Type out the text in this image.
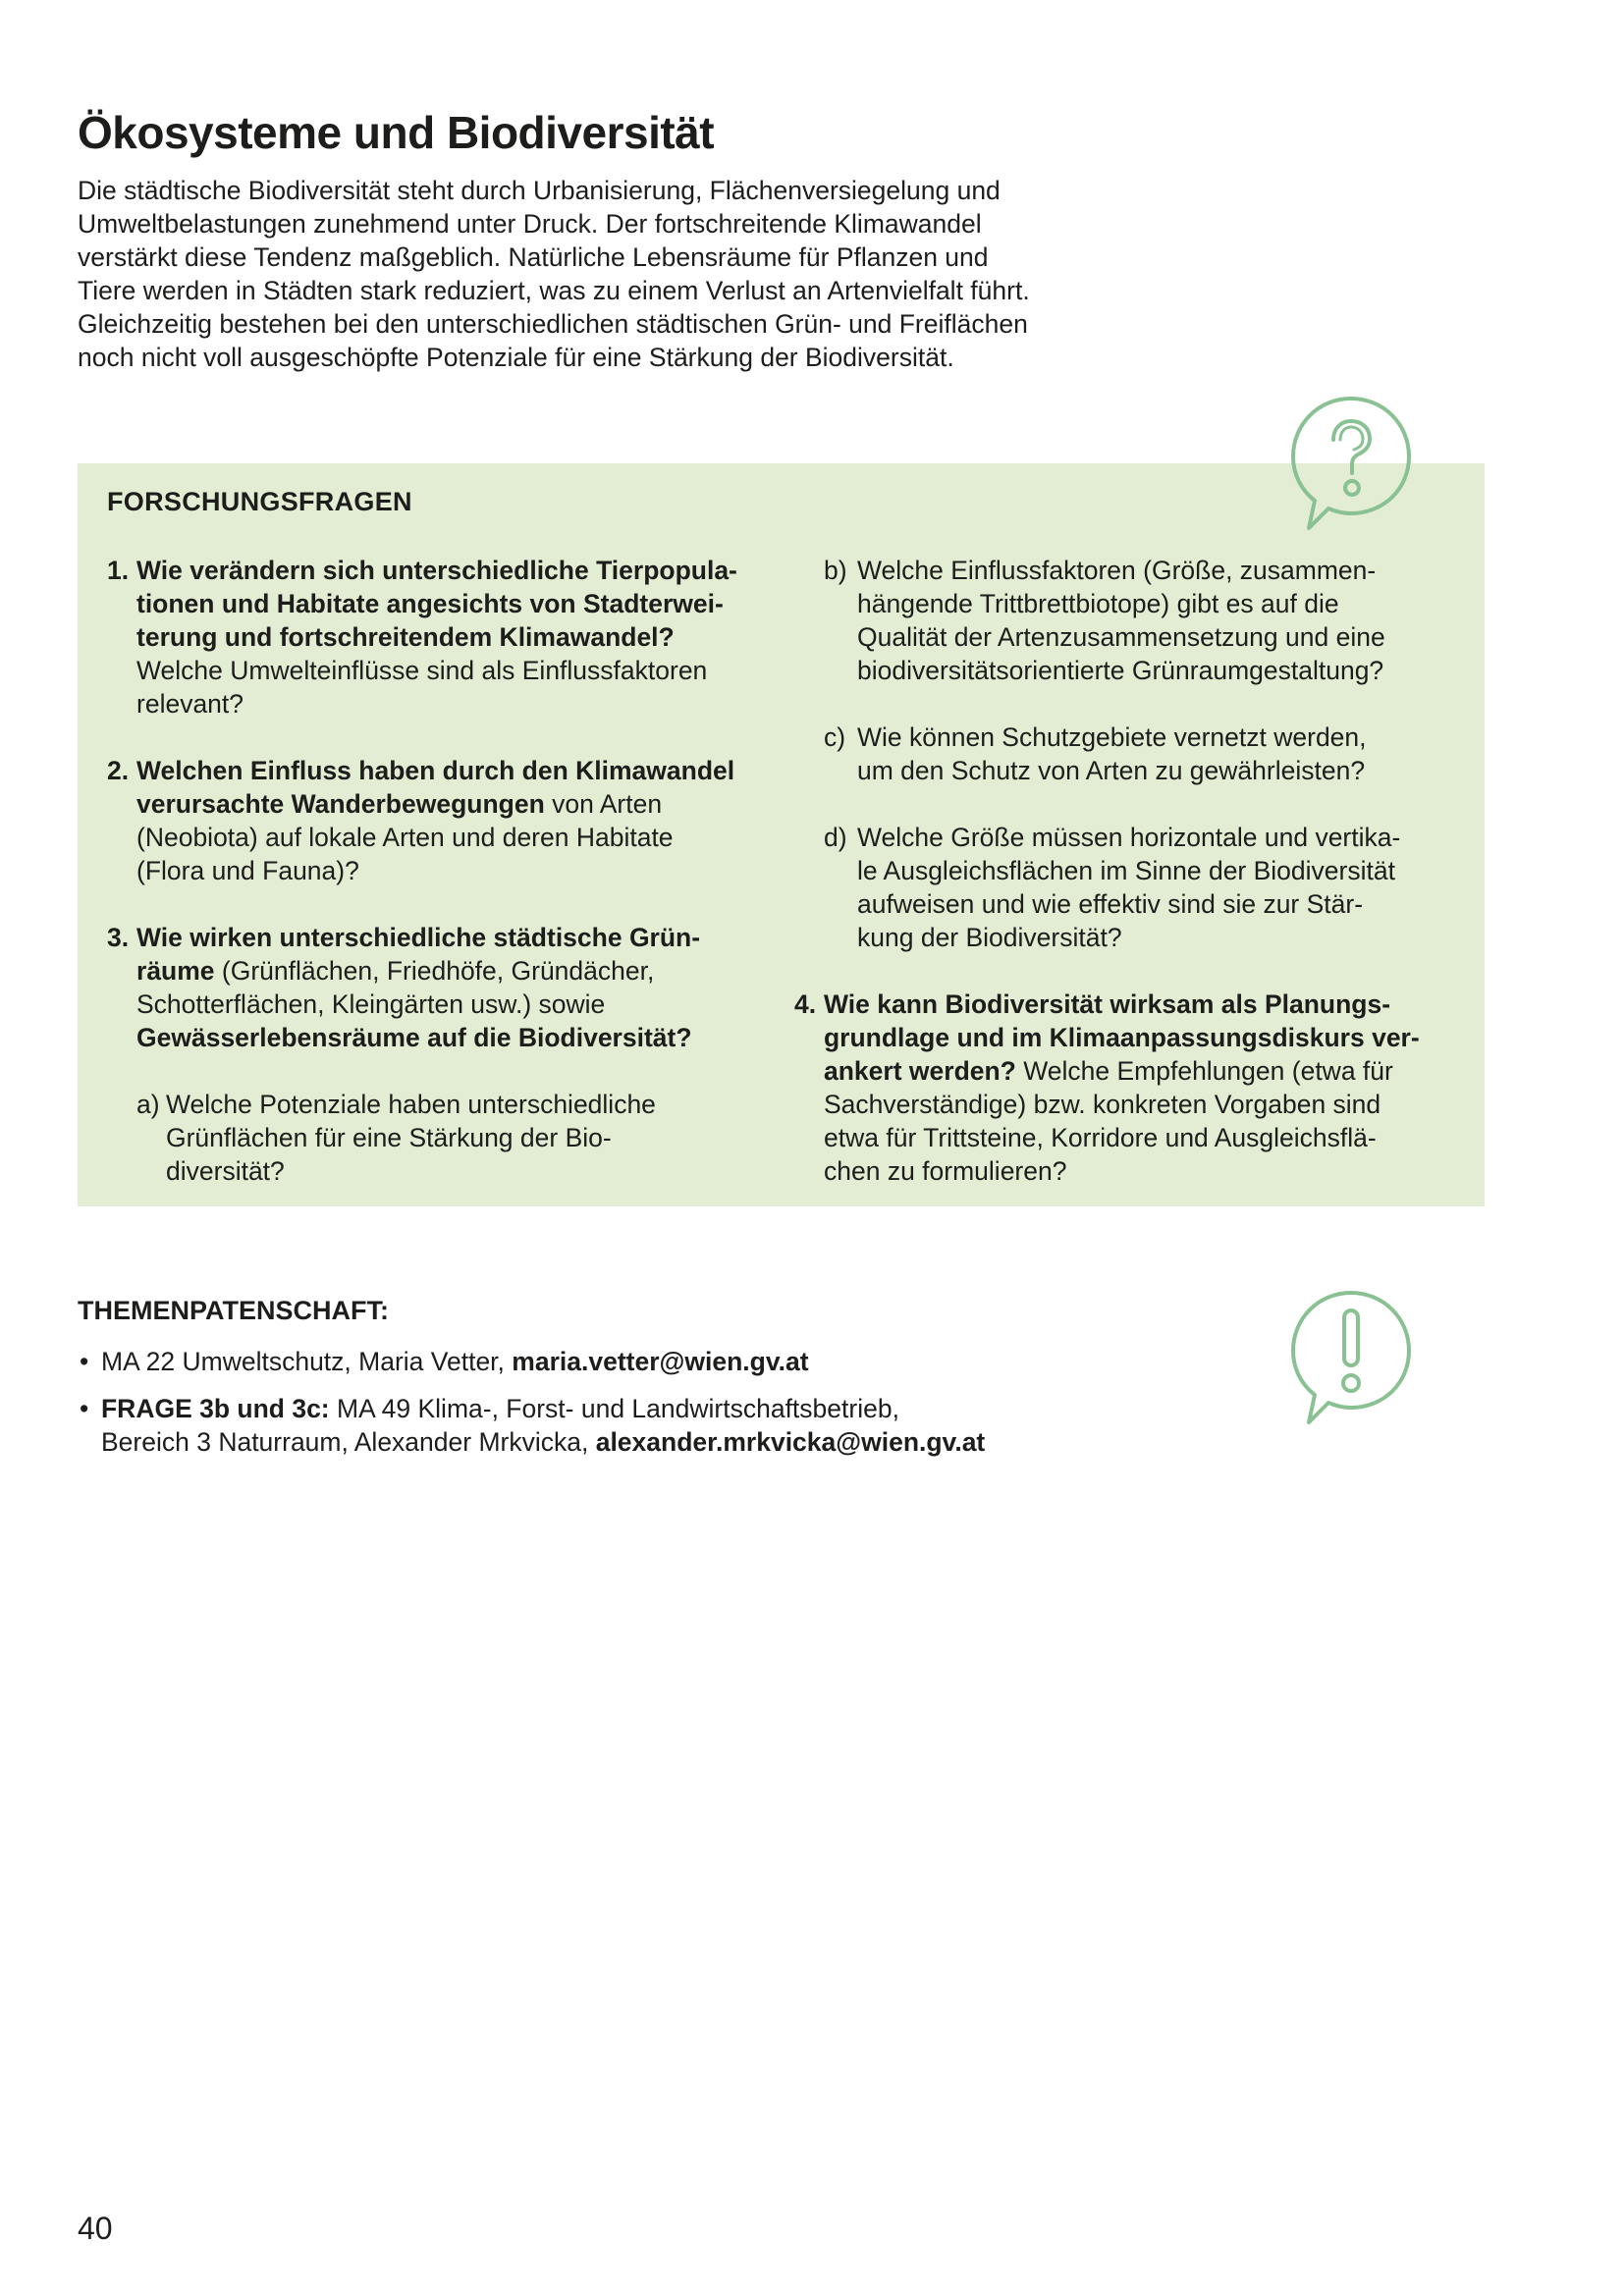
Ökosysteme und Biodiversität
Die städtische Biodiversität steht durch Urbanisierung, Flächenversiegelung und
Umweltbelastungen zunehmend unter Druck. Der fortschreitende Klimawandel
verstärkt diese Tendenz maßgeblich. Natürliche Lebensräume für Pflanzen und
Tiere werden in Städten stark reduziert, was zu einem Verlust an Artenvielfalt führt.
Gleichzeitig bestehen bei den unterschiedlichen städtischen Grün- und Freiflächen
noch nicht voll ausgeschöpfte Potenziale für eine Stärkung der Biodiversität.
FORSCHUNGSFRAGEN
1. Wie verändern sich unterschiedliche Tierpopula-
tionen und Habitate angesichts von Stadterwei-
terung und fortschreitendem Klimawandel?
Welche Umwelteinflüsse sind als Einflussfaktoren
relevant?
2. Welchen Einfluss haben durch den Klimawandel
verursachte Wanderbewegungen von Arten
(Neobiota) auf lokale Arten und deren Habitate
(Flora und Fauna)?
3. Wie wirken unterschiedliche städtische Grün-
räume (Grünflächen, Friedhöfe, Gründächer,
Schotterflächen, Kleingärten usw.) sowie
Gewässerlebensräume auf die Biodiversität?
a) Welche Potenziale haben unterschiedliche
Grünflächen für eine Stärkung der Bio-
diversität?
b) Welche Einflussfaktoren (Größe, zusammen-
hängende Trittbrettbiotope) gibt es auf die
Qualität der Artenzusammensetzung und eine
biodiversitätsorientierte Grünraumgestaltung?
c) Wie können Schutzgebiete vernetzt werden,
um den Schutz von Arten zu gewährleisten?
d) Welche Größe müssen horizontale und vertika-
le Ausgleichsflächen im Sinne der Biodiversität
aufweisen und wie effektiv sind sie zur Stär-
kung der Biodiversität?
4. Wie kann Biodiversität wirksam als Planungs-
grundlage und im Klimaanpassungsdiskurs ver-
ankert werden? Welche Empfehlungen (etwa für
Sachverständige) bzw. konkreten Vorgaben sind
etwa für Trittsteine, Korridore und Ausgleichsflä-
chen zu formulieren?
THEMENPATENSCHAFT:
• MA 22 Umweltschutz, Maria Vetter, maria.vetter@wien.gv.at
• FRAGE 3b und 3c: MA 49 Klima-, Forst- und Landwirtschaftsbetrieb,
Bereich 3 Naturraum, Alexander Mrkvicka, alexander.mrkvicka@wien.gv.at
40
